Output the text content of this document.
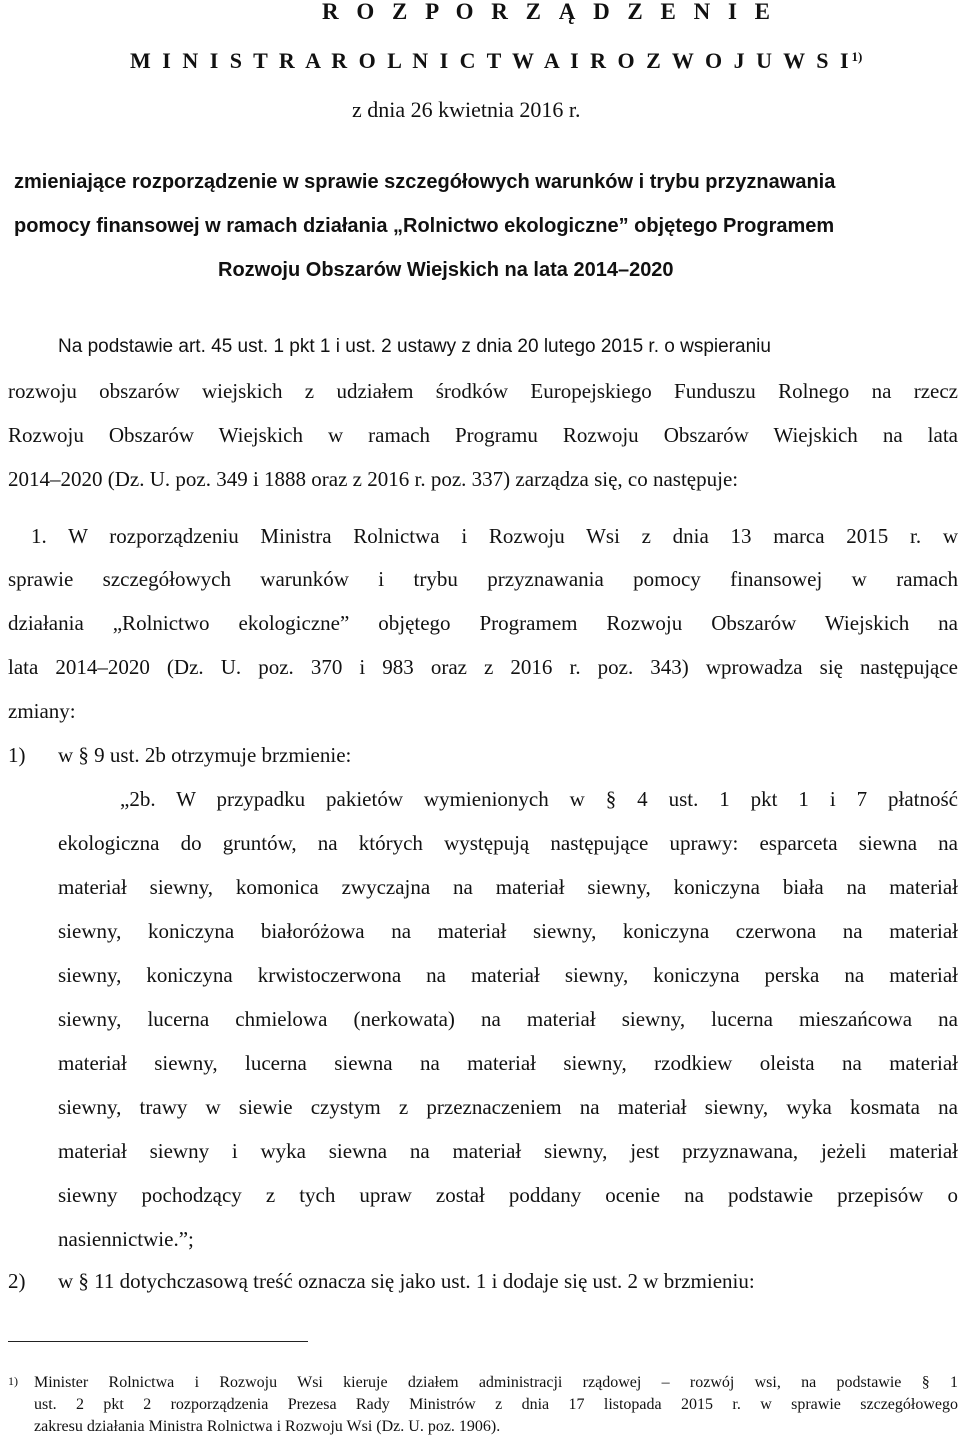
R O Z P O R Z Ą D Z E N I E
M I N I S T R A R O L N I C T W A I R O Z W O J U W S $I^{1)}$
z dnia 26 kwietnia 2016 r.
zmieniające rozporządzenie w sprawie szczegółowych warunków i trybu przyznawania
pomocy finansowej w ramach działania „Rolnictwo ekologiczne” objętego Programem
Rozwoju Obszarów Wiejskich na lata 2014–2020
Na podstawie art. 45 ust. 1 pkt 1 i ust. 2 ustawy z dnia 20 lutego 2015 r. o wspieraniu
rozwoju obszarów wiejskich z udziałem środków Europejskiego Funduszu Rolnego na rzecz
Rozwoju Obszarów Wiejskich w ramach Programu Rozwoju Obszarów Wiejskich na lata
2014–2020 (Dz. U. poz. 349 i 1888 oraz z 2016 r. poz. 337) zarządza się, co następuje:
1. W rozporządzeniu Ministra Rolnictwa i Rozwoju Wsi z dnia 13 marca 2015 r. w
sprawie szczegółowych warunków i trybu przyznawania pomocy finansowej w ramach
działania „Rolnictwo ekologiczne” objętego Programem Rozwoju Obszarów Wiejskich na
lata 2014–2020 (Dz. U. poz. 370 i 983 oraz z 2016 r. poz. 343) wprowadza się następujące
zmiany:
1) w § 9 ust. 2b otrzymuje brzmienie:
„2b. W przypadku pakietów wymienionych w § 4 ust. 1 pkt 1 i 7 płatność
ekologiczna do gruntów, na których występują następujące uprawy: esparceta siewna na
materiał siewny, komonica zwyczajna na materiał siewny, koniczyna biała na materiał
siewny, koniczyna białoróżowa na materiał siewny, koniczyna czerwona na materiał
siewny, koniczyna krwistoczerwona na materiał siewny, koniczyna perska na materiał
siewny, lucerna chmielowa (nerkowata) na materiał siewny, lucerna mieszańcowa na
materiał siewny, lucerna siewna na materiał siewny, rzodkiew oleista na materiał
siewny, trawy w siewie czystym z przeznaczeniem na materiał siewny, wyka kosmata na
materiał siewny i wyka siewna na materiał siewny, jest przyznawana, jeżeli materiał
siewny pochodzący z tych upraw został poddany ocenie na podstawie przepisów o
nasiennictwie.”;
2) w § 11 dotychczasową treść oznacza się jako ust. 1 i dodaje się ust. 2 w brzmieniu:
1) Minister Rolnictwa i Rozwoju Wsi kieruje działem administracji rządowej – rozwój wsi, na podstawie § 1
ust. 2 pkt 2 rozporządzenia Prezesa Rady Ministrów z dnia 17 listopada 2015 r. w sprawie szczegółowego
zakresu działania Ministra Rolnictwa i Rozwoju Wsi (Dz. U. poz. 1906).
